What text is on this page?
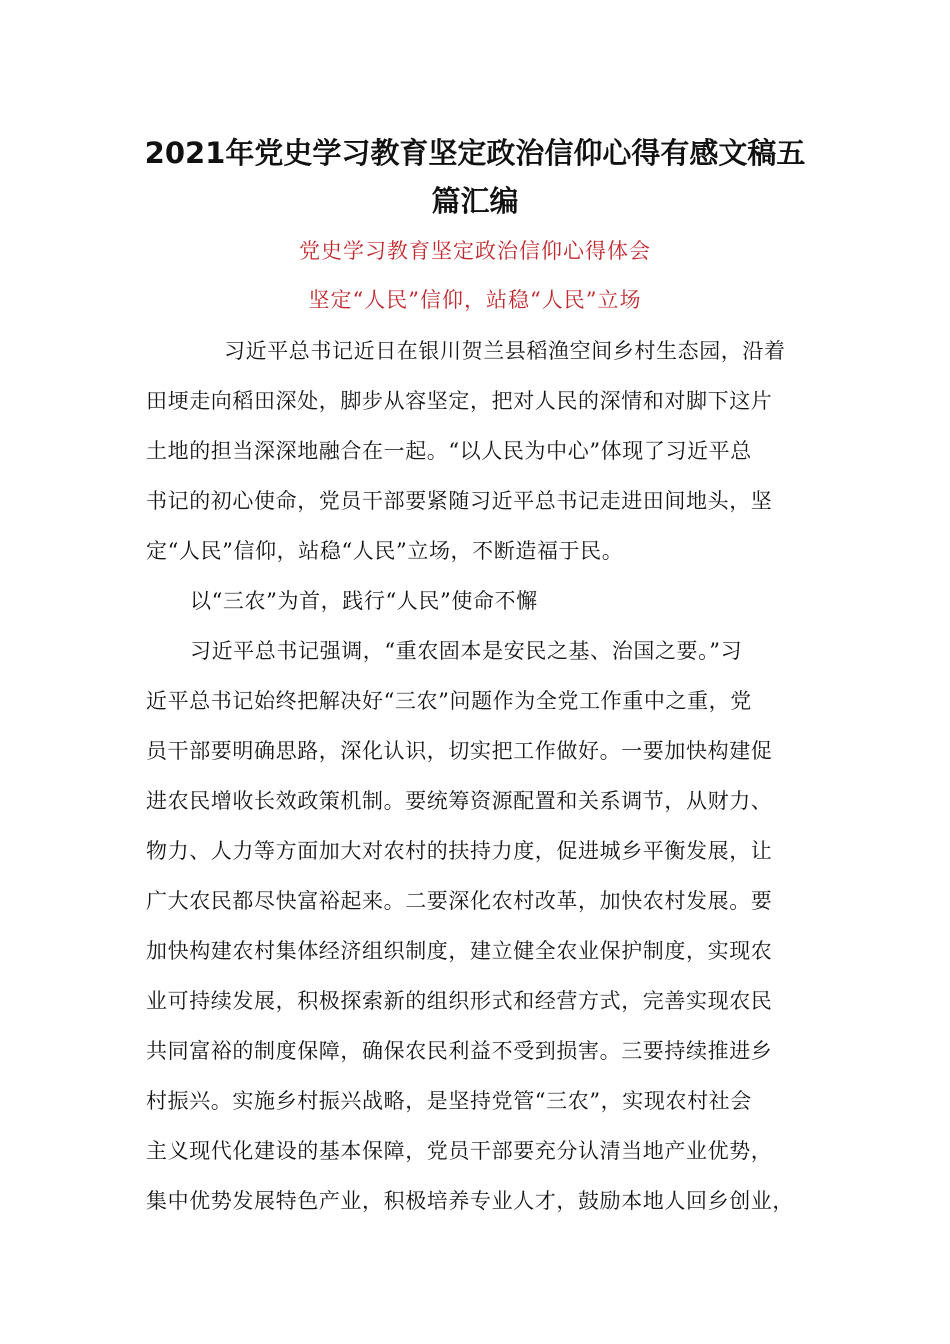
2021年党史学习教育坚定政治信仰心得有感文稿五
篇汇编
党史学习教育坚定政治信仰心得体会
坚定“人民”信仰，站稳“人民”立场
习近平总书记近日在银川贺兰县稻渔空间乡村生态园，沿着
田埂走向稻田深处，脚步从容坚定，把对人民的深情和对脚下这片
土地的担当深深地融合在一起。“以人民为中心”体现了习近平总
书记的初心使命，党员干部要紧随习近平总书记走进田间地头，坚
定“人民”信仰，站稳“人民”立场，不断造福于民。
以“三农”为首，践行“人民”使命不懈
习近平总书记强调，“重农固本是安民之基、治国之要。”习
近平总书记始终把解决好“三农”问题作为全党工作重中之重，党
员干部要明确思路，深化认识，切实把工作做好。一要加快构建促
进农民增收长效政策机制。要统筹资源配置和关系调节，从财力、
物力、人力等方面加大对农村的扶持力度，促进城乡平衡发展，让
广大农民都尽快富裕起来。二要深化农村改革，加快农村发展。要
加快构建农村集体经济组织制度，建立健全农业保护制度，实现农
业可持续发展，积极探索新的组织形式和经营方式，完善实现农民
共同富裕的制度保障，确保农民利益不受到损害。三要持续推进乡
村振兴。实施乡村振兴战略，是坚持党管“三农”，实现农村社会
主义现代化建设的基本保障，党员干部要充分认清当地产业优势，
集中优势发展特色产业，积极培养专业人才，鼓励本地人回乡创业，
